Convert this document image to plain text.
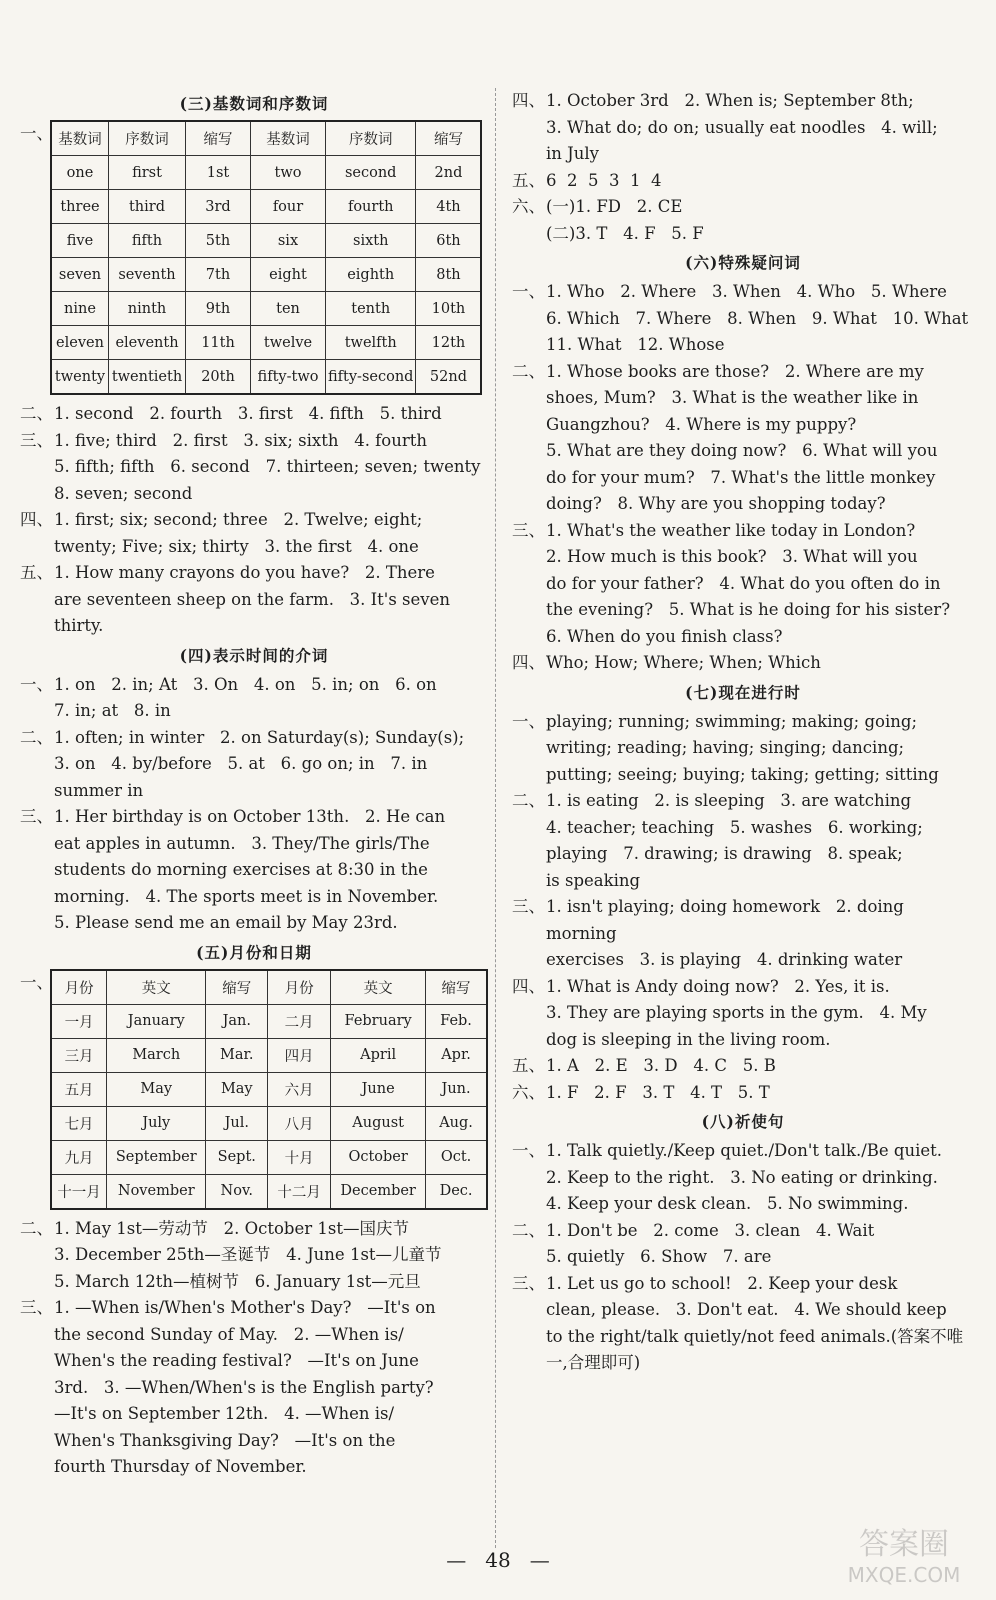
(三)基数词和序数词
一、 基数词	序数词	缩写	基数词	序数词	缩写
one	first	1st	two	second	2nd
three	third	3rd	four	fourth	4th
five	fifth	5th	six	sixth	6th
seven	seventh	7th	eight	eighth	8th
nine	ninth	9th	ten	tenth	10th
eleven	eleventh	11th	twelve	twelfth	12th
twenty	twentieth	20th	fifty-two	fifty-second	52nd
二、 1. second   2. fourth   3. first   4. fifth   5. third

三、 1. five; third   2. first   3. six; sixth   4. fourth

5. fifth; fifth   6. second   7. thirteen; seven; twenty

8. seven; second

四、 1. first; six; second; three   2. Twelve; eight;

twenty; Five; six; thirty   3. the first   4. one

五、 1. How many crayons do you have?   2. There

are seventeen sheep on the farm.   3. It's seven

thirty.

(四)表示时间的介词
一、 1. on   2. in; At   3. On   4. on   5. in; on   6. on

7. in; at   8. in

二、 1. often; in winter   2. on Saturday(s); Sunday(s);

3. on   4. by/before   5. at   6. go on; in   7. in

summer in

三、 1. Her birthday is on October 13th.   2. He can

eat apples in autumn.   3. They/The girls/The

students do morning exercises at 8:30 in the

morning.   4. The sports meet is in November.

5. Please send me an email by May 23rd.

(五)月份和日期
一、 月份	英文	缩写	月份	英文	缩写
一月	January	Jan.	二月	February	Feb.
三月	March	Mar.	四月	April	Apr.
五月	May	May	六月	June	Jun.
七月	July	Jul.	八月	August	Aug.
九月	September	Sept.	十月	October	Oct.
十一月	November	Nov.	十二月	December	Dec.
二、 1. May 1st—劳动节   2. October 1st—国庆节

3. December 25th—圣诞节   4. June 1st—儿童节

5. March 12th—植树节   6. January 1st—元旦

三、 1. —When is/When's Mother's Day?   —It's on

the second Sunday of May.   2. —When is/

When's the reading festival?   —It's on June

3rd.   3. —When/When's is the English party?

—It's on September 12th.   4. —When is/

When's Thanksgiving Day?   —It's on the

fourth Thursday of November.

四、 1. October 3rd   2. When is; September 8th;

3. What do; do on; usually eat noodles   4. will;

in July

五、 6  2  5  3  1  4

六、 (一)1. FD   2. CE

(二)3. T   4. F   5. F

(六)特殊疑问词
一、 1. Who   2. Where   3. When   4. Who   5. Where

6. Which   7. Where   8. When   9. What   10. What

11. What   12. Whose

二、 1. Whose books are those?   2. Where are my

shoes, Mum?   3. What is the weather like in

Guangzhou?   4. Where is my puppy?

5. What are they doing now?   6. What will you

do for your mum?   7. What's the little monkey

doing?   8. Why are you shopping today?

三、 1. What's the weather like today in London?

2. How much is this book?   3. What will you

do for your father?   4. What do you often do in

the evening?   5. What is he doing for his sister?

6. When do you finish class?

四、 Who; How; Where; When; Which

(七)现在进行时
一、 playing; running; swimming; making; going;

writing; reading; having; singing; dancing;

putting; seeing; buying; taking; getting; sitting

二、 1. is eating   2. is sleeping   3. are watching

4. teacher; teaching   5. washes   6. working;

playing   7. drawing; is drawing   8. speak;

is speaking

三、 1. isn't playing; doing homework   2. doing morning

exercises   3. is playing   4. drinking water

四、 1. What is Andy doing now?   2. Yes, it is.

3. They are playing sports in the gym.   4. My

dog is sleeping in the living room.

五、 1. A   2. E   3. D   4. C   5. B

六、 1. F   2. F   3. T   4. T   5. T

(八)祈使句
一、 1. Talk quietly./Keep quiet./Don't talk./Be quiet.

2. Keep to the right.   3. No eating or drinking.

4. Keep your desk clean.   5. No swimming.

二、 1. Don't be   2. come   3. clean   4. Wait

5. quietly   6. Show   7. are

三、 1. Let us go to school!   2. Keep your desk

clean, please.   3. Don't eat.   4. We should keep

to the right/talk quietly/not feed animals.(答案不唯

一,合理即可)

— 48 —	答案圈
MXQE.COM
